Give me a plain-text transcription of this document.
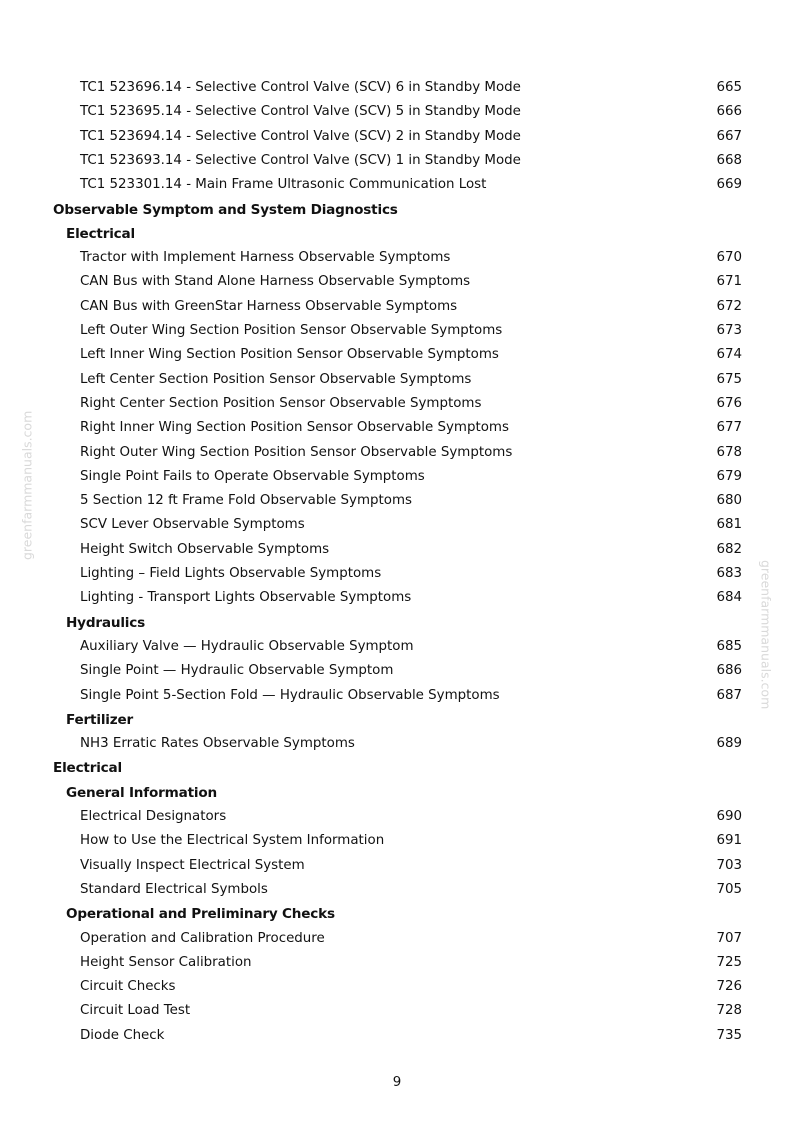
TC1 523696.14 - Selective Control Valve (SCV) 6 in Standby Mode	665
TC1 523695.14 - Selective Control Valve (SCV) 5 in Standby Mode	666
TC1 523694.14 - Selective Control Valve (SCV) 2 in Standby Mode	667
TC1 523693.14 - Selective Control Valve (SCV) 1 in Standby Mode	668
TC1 523301.14 - Main Frame Ultrasonic Communication Lost	669
Observable Symptom and System Diagnostics
Electrical
Tractor with Implement Harness Observable Symptoms	670
CAN Bus with Stand Alone Harness Observable Symptoms	671
CAN Bus with GreenStar Harness Observable Symptoms	672
Left Outer Wing Section Position Sensor Observable Symptoms	673
Left Inner Wing Section Position Sensor Observable Symptoms	674
Left Center Section Position Sensor Observable Symptoms	675
Right Center Section Position Sensor Observable Symptoms	676
Right Inner Wing Section Position Sensor Observable Symptoms	677
Right Outer Wing Section Position Sensor Observable Symptoms	678
Single Point Fails to Operate Observable Symptoms	679
5 Section 12 ft Frame Fold Observable Symptoms	680
SCV Lever Observable Symptoms	681
Height Switch Observable Symptoms	682
Lighting – Field Lights Observable Symptoms	683
Lighting - Transport Lights Observable Symptoms	684
Hydraulics
Auxiliary Valve — Hydraulic Observable Symptom	685
Single Point — Hydraulic Observable Symptom	686
Single Point 5-Section Fold — Hydraulic Observable Symptoms	687
Fertilizer
NH3 Erratic Rates Observable Symptoms	689
Electrical
General Information
Electrical Designators	690
How to Use the Electrical System Information	691
Visually Inspect Electrical System	703
Standard Electrical Symbols	705
Operational and Preliminary Checks
Operation and Calibration Procedure	707
Height Sensor Calibration	725
Circuit Checks	726
Circuit Load Test	728
Diode Check	735
greenfarmmanuals.com
greenfarmmanuals.com
9
